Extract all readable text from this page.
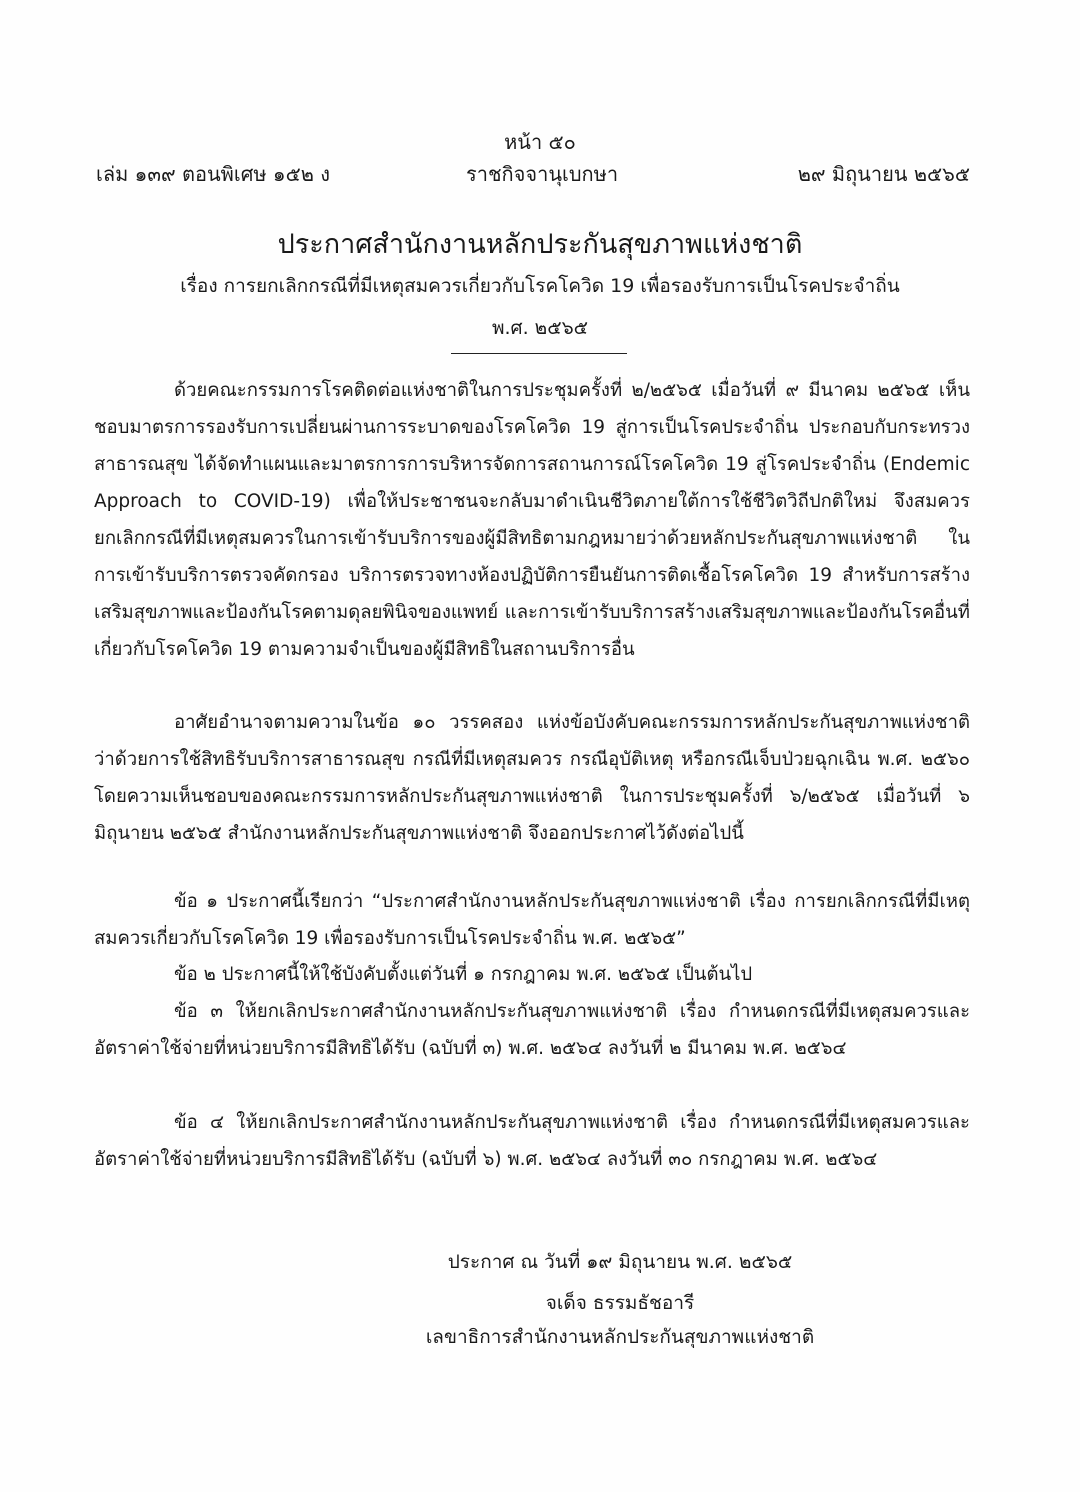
หน้า ๕๐
เล่ม ๑๓๙ ตอนพิเศษ ๑๕๒ ง	ราชกิจจานุเบกษา	๒๙ มิถุนายน ๒๕๖๕
ประกาศสำนักงานหลักประกันสุขภาพแห่งชาติ
เรื่อง การยกเลิกกรณีที่มีเหตุสมควรเกี่ยวกับโรคโควิด 19 เพื่อรองรับการเป็นโรคประจำถิ่น
พ.ศ. ๒๕๖๕
ด้วยคณะกรรมการโรคติดต่อแห่งชาติในการประชุมครั้งที่ ๒/๒๕๖๕ เมื่อวันที่ ๙ มีนาคม ๒๕๖๕ เห็นชอบมาตรการรองรับการเปลี่ยนผ่านการระบาดของโรคโควิด 19 สู่การเป็นโรคประจำถิ่น ประกอบกับกระทรวงสาธารณสุข ได้จัดทำแผนและมาตรการการบริหารจัดการสถานการณ์โรคโควิด 19 สู่โรคประจำถิ่น (Endemic Approach to COVID-19) เพื่อให้ประชาชนจะกลับมาดำเนินชีวิตภายใต้การใช้ชีวิตวิถีปกติใหม่ จึงสมควรยกเลิกกรณีที่มีเหตุสมควรในการเข้ารับบริการของผู้มีสิทธิตามกฎหมายว่าด้วยหลักประกันสุขภาพแห่งชาติ ในการเข้ารับบริการตรวจคัดกรอง บริการตรวจทางห้องปฏิบัติการยืนยันการติดเชื้อโรคโควิด 19 สำหรับการสร้างเสริมสุขภาพและป้องกันโรคตามดุลยพินิจของแพทย์ และการเข้ารับบริการสร้างเสริมสุขภาพและป้องกันโรคอื่นที่เกี่ยวกับโรคโควิด 19 ตามความจำเป็นของผู้มีสิทธิในสถานบริการอื่น
อาศัยอำนาจตามความในข้อ ๑๐ วรรคสอง แห่งข้อบังคับคณะกรรมการหลักประกันสุขภาพแห่งชาติ ว่าด้วยการใช้สิทธิรับบริการสาธารณสุข กรณีที่มีเหตุสมควร กรณีอุบัติเหตุ หรือกรณีเจ็บป่วยฉุกเฉิน พ.ศ. ๒๕๖๐ โดยความเห็นชอบของคณะกรรมการหลักประกันสุขภาพแห่งชาติ ในการประชุมครั้งที่ ๖/๒๕๖๕ เมื่อวันที่ ๖ มิถุนายน ๒๕๖๕ สำนักงานหลักประกันสุขภาพแห่งชาติ จึงออกประกาศไว้ดังต่อไปนี้
ข้อ ๑ ประกาศนี้เรียกว่า “ประกาศสำนักงานหลักประกันสุขภาพแห่งชาติ เรื่อง การยกเลิกกรณีที่มีเหตุสมควรเกี่ยวกับโรคโควิด 19 เพื่อรองรับการเป็นโรคประจำถิ่น พ.ศ. ๒๕๖๕”
ข้อ ๒ ประกาศนี้ให้ใช้บังคับตั้งแต่วันที่ ๑ กรกฎาคม พ.ศ. ๒๕๖๕ เป็นต้นไป
ข้อ ๓ ให้ยกเลิกประกาศสำนักงานหลักประกันสุขภาพแห่งชาติ เรื่อง กำหนดกรณีที่มีเหตุสมควรและอัตราค่าใช้จ่ายที่หน่วยบริการมีสิทธิได้รับ (ฉบับที่ ๓) พ.ศ. ๒๕๖๔ ลงวันที่ ๒ มีนาคม พ.ศ. ๒๕๖๔
ข้อ ๔ ให้ยกเลิกประกาศสำนักงานหลักประกันสุขภาพแห่งชาติ เรื่อง กำหนดกรณีที่มีเหตุสมควรและอัตราค่าใช้จ่ายที่หน่วยบริการมีสิทธิได้รับ (ฉบับที่ ๖) พ.ศ. ๒๕๖๔ ลงวันที่ ๓๐ กรกฎาคม พ.ศ. ๒๕๖๔
ประกาศ ณ วันที่ ๑๙ มิถุนายน พ.ศ. ๒๕๖๕
จเด็จ ธรรมธัชอารี
เลขาธิการสำนักงานหลักประกันสุขภาพแห่งชาติ
